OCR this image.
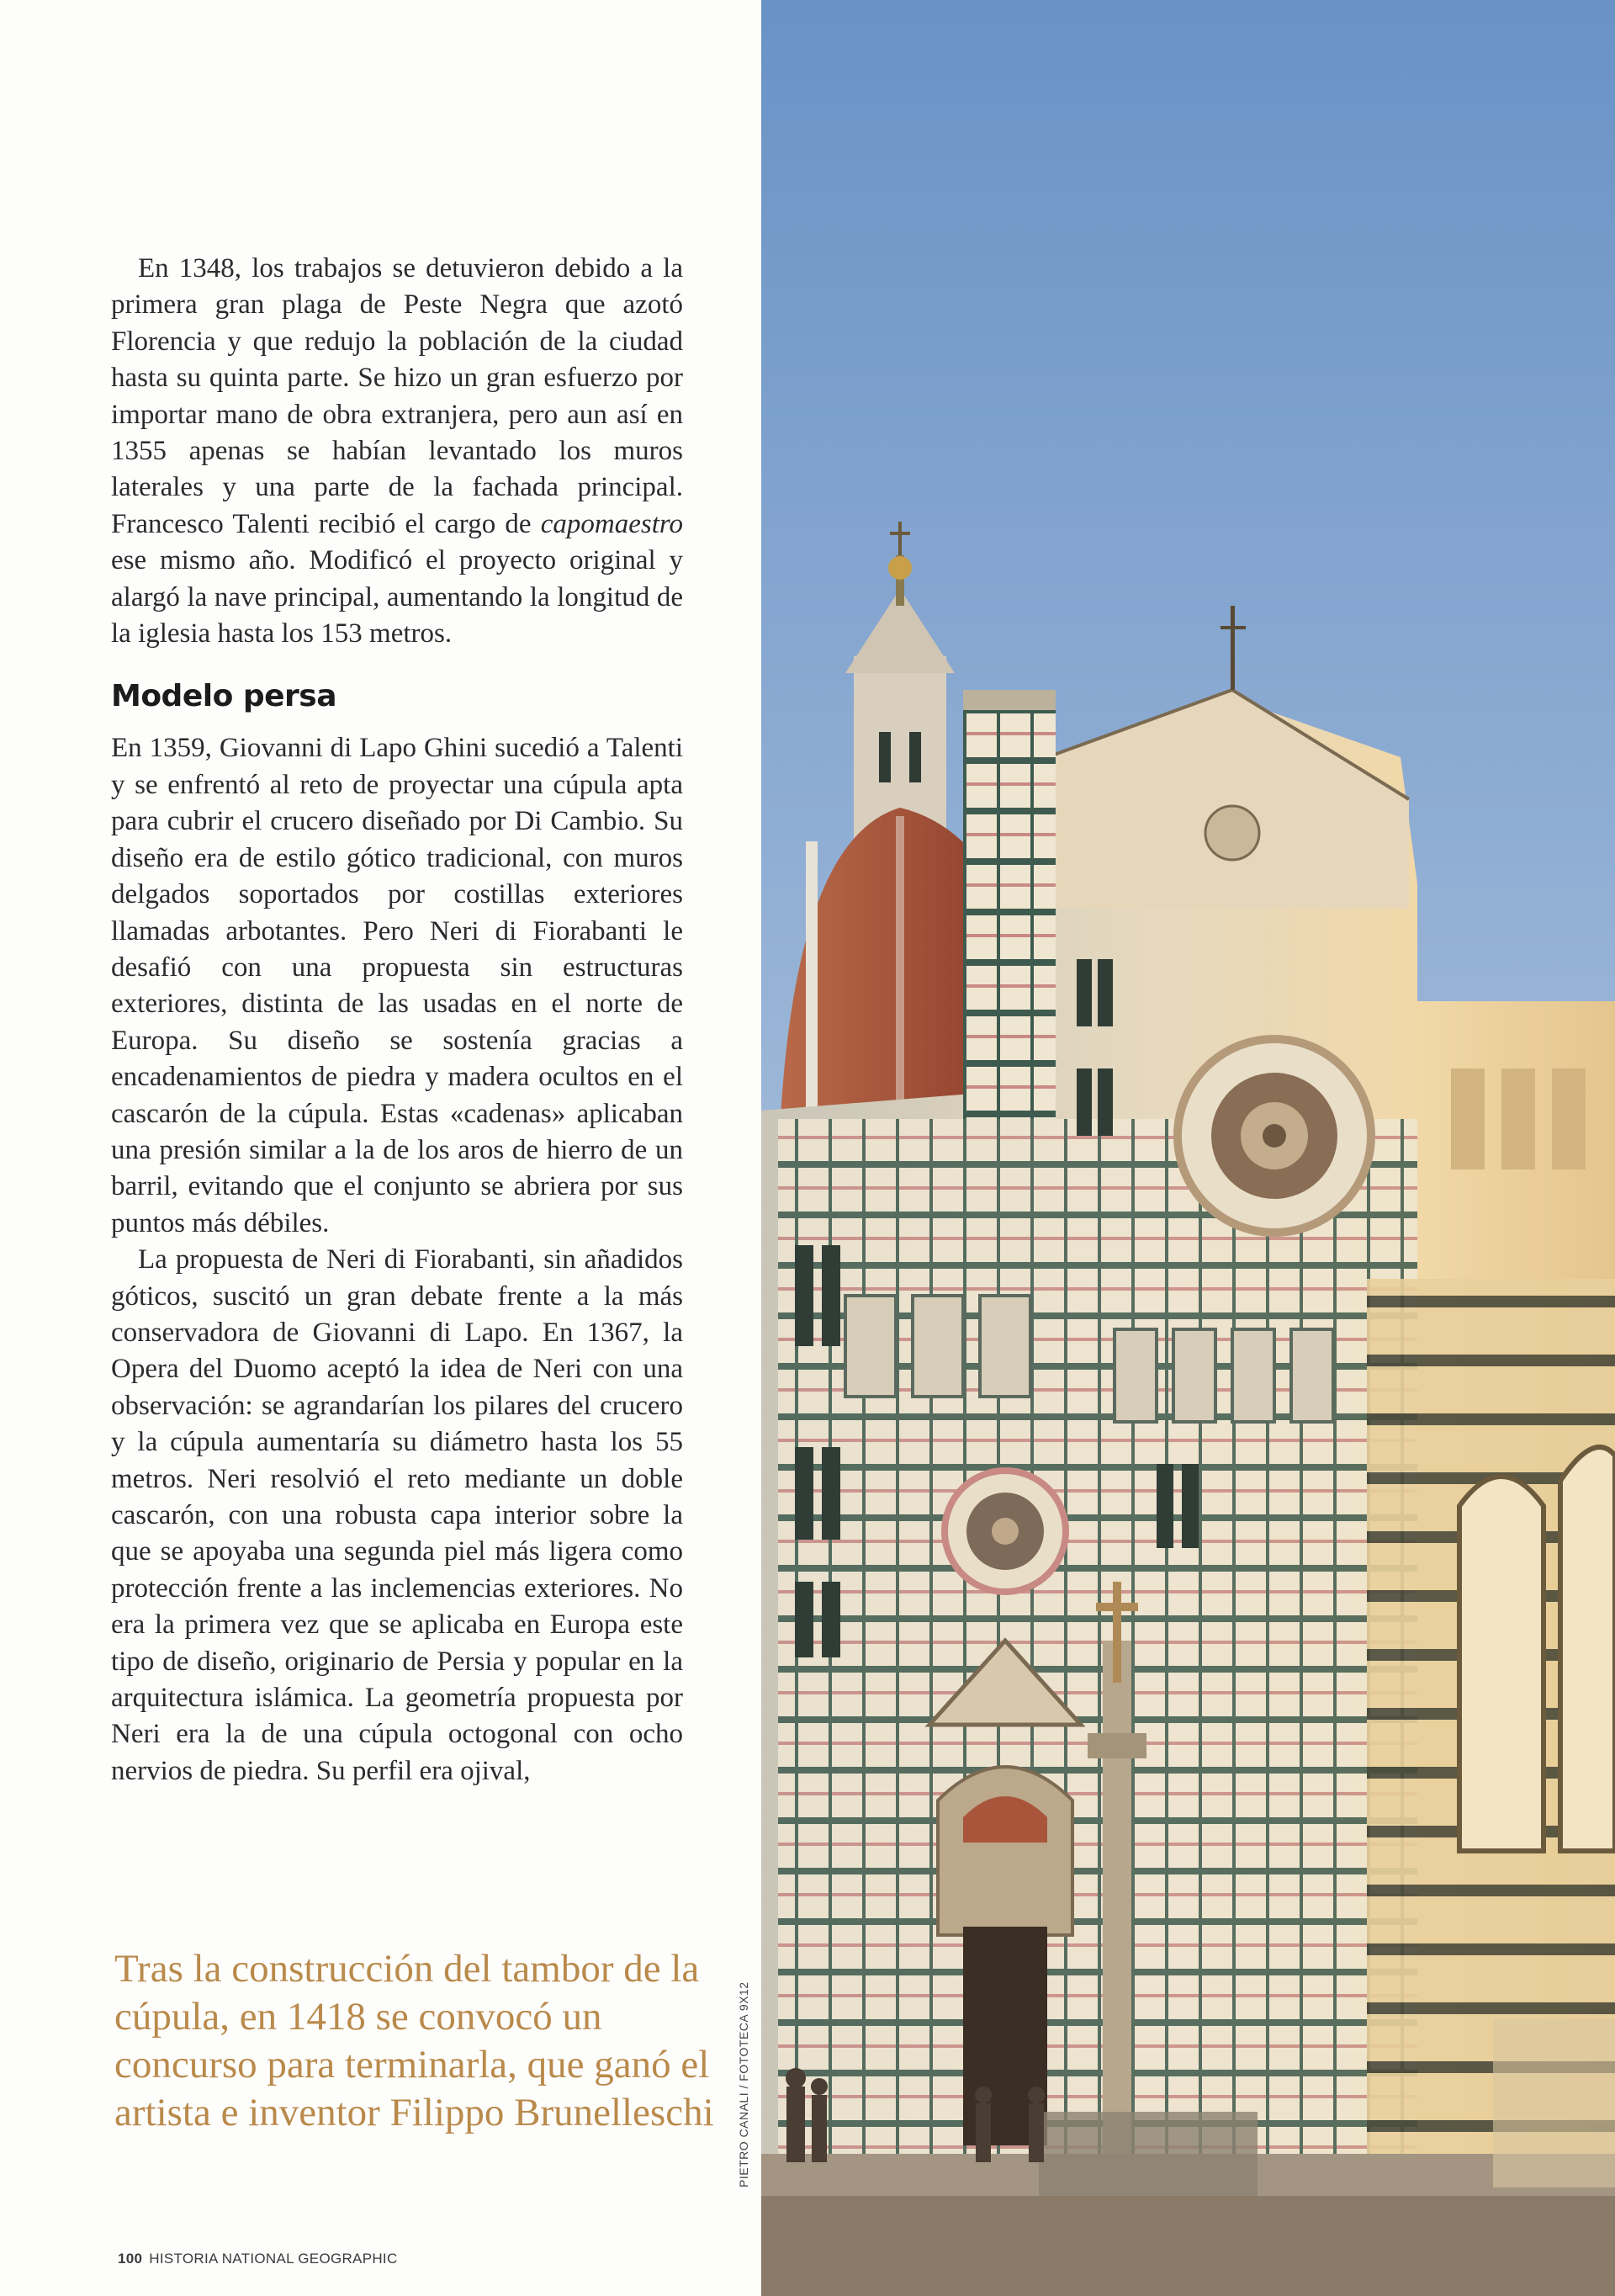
En 1348, los trabajos se detuvieron debido a la primera gran plaga de Peste Negra que azotó Florencia y que redujo la población de la ciudad hasta su quinta parte. Se hizo un gran esfuerzo por importar mano de obra extranjera, pero aun así en 1355 apenas se habían levantado los muros laterales y una parte de la fachada principal. Francesco Talenti recibió el cargo de capomaestro ese mismo año. Modificó el proyecto original y alargó la nave principal, aumentando la longitud de la iglesia hasta los 153 metros.

Modelo persa

En 1359, Giovanni di Lapo Ghini sucedió a Talenti y se enfrentó al reto de proyectar una cúpula apta para cubrir el crucero diseñado por Di Cambio. Su diseño era de estilo gótico tradicional, con muros delgados soportados por costillas exteriores llamadas arbotantes. Pero Neri di Fiorabanti le desafió con una propuesta sin estructuras exteriores, distinta de las usadas en el norte de Europa. Su diseño se sostenía gracias a encadenamientos de piedra y madera ocultos en el cascarón de la cúpula. Estas «cadenas» aplicaban una presión similar a la de los aros de hierro de un barril, evitando que el conjunto se abriera por sus puntos más débiles.

La propuesta de Neri di Fiorabanti, sin añadidos góticos, suscitó un gran debate frente a la más conservadora de Giovanni di Lapo. En 1367, la Opera del Duomo aceptó la idea de Neri con una observación: se agrandarían los pilares del crucero y la cúpula aumentaría su diámetro hasta los 55 metros. Neri resolvió el reto mediante un doble cascarón, con una robusta capa interior sobre la que se apoyaba una segunda piel más ligera como protección frente a las inclemencias exteriores. No era la primera vez que se aplicaba en Europa este tipo de diseño, originario de Persia y popular en la arquitectura islámica. La geometría propuesta por Neri era la de una cúpula octogonal con ocho nervios de piedra. Su perfil era ojival,

Tras la construcción del tambor de la cúpula, en 1418 se convocó un concurso para terminarla, que ganó el artista e inventor Filippo Brunelleschi

100 HISTORIA NATIONAL GEOGRAPHIC
PIETRO CANALI / FOTOTECA 9X12
